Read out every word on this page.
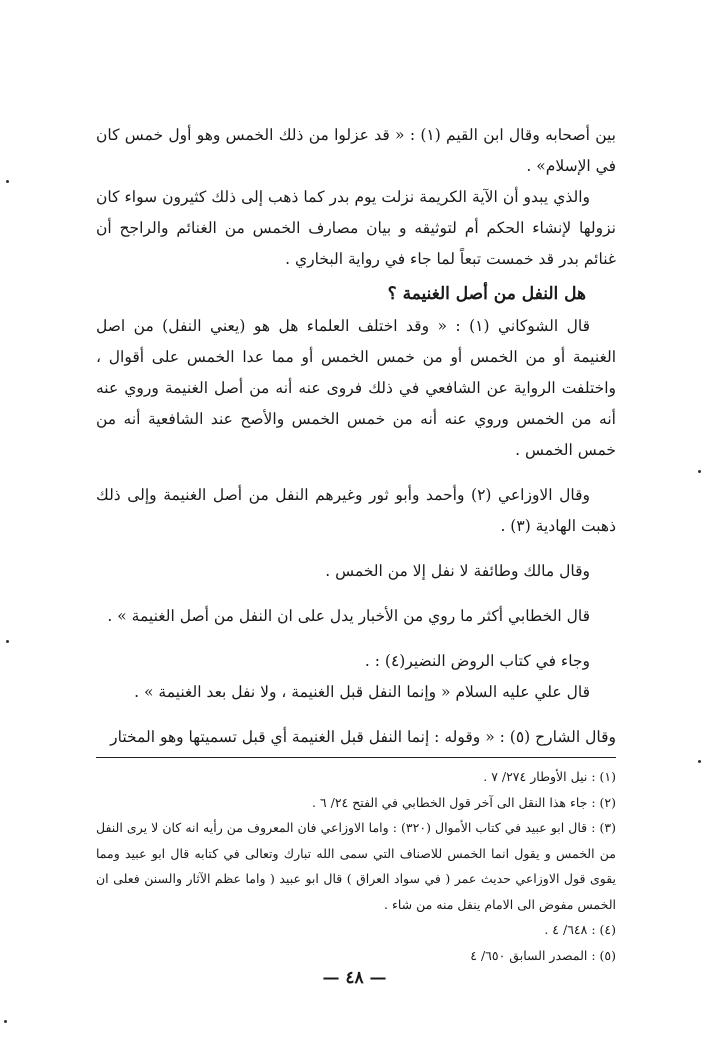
بين أصحابه وقال ابن القيم (١) : « قد عزلوا من ذلك الخمس وهو أول خمس كان في الإسلام» .

والذي يبدو أن الآية الكريمة نزلت يوم بدر كما ذهب إلى ذلك كثيرون سواء كان نزولها لإنشاء الحكم أم لتوثيقه و بيان مصارف الخمس من الغنائم والراجح أن غنائم بدر قد خمست تبعاً لما جاء في رواية البخاري .

هل النفل من أصل الغنيمة ؟

قال الشوكاني (١) : « وقد اختلف العلماء هل هو (يعني النفل) من اصل الغنيمة أو من الخمس أو من خمس الخمس أو مما عدا الخمس على أقوال ، واختلفت الرواية عن الشافعي في ذلك فروى عنه أنه من أصل الغنيمة وروي عنه أنه من الخمس وروي عنه أنه من خمس الخمس والأصح عند الشافعية أنه من خمس الخمس .

وقال الاوزاعي (٢) وأحمد وأبو ثور وغيرهم النفل من أصل الغنيمة وإلى ذلك ذهبت الهادية (٣) .

وقال مالك وطائفة لا نفل إلا من الخمس .

قال الخطابي أكثر ما روي من الأخبار يدل على ان النفل من أصل الغنيمة » .

وجاء في كتاب الروض النضير(٤) : .

قال علي عليه السلام « وإنما النفل قبل الغنيمة ، ولا نفل بعد الغنيمة » .

وقال الشارح (٥) : « وقوله : إنما النفل قبل الغنيمة أي قبل تسميتها وهو المختار

(١) : نيل الأوطار ٢٧٤/ ٧ .

(٢) : جاء هذا النقل الى آخر قول الخطابي في الفتح ٢٤/ ٦ .

(٣) : قال ابو عبيد في كتاب الأموال (٣٢٠) : واما الاوزاعي فان المعروف من رأيه انه كان لا يرى النفل من الخمس و يقول انما الخمس للاصناف التي سمى الله تبارك وتعالى في كتابه قال ابو عبيد ومما يقوى قول الاوزاعي حديث عمر ( في سواد العراق ) قال ابو عبيد ( واما عظم الآثار والسنن فعلى ان الخمس مفوض الى الامام ينفل منه من شاء .

(٤) : ٦٤٨/ ٤ .

(٥) : المصدر السابق ٦٥٠/ ٤

— ٤٨ —
